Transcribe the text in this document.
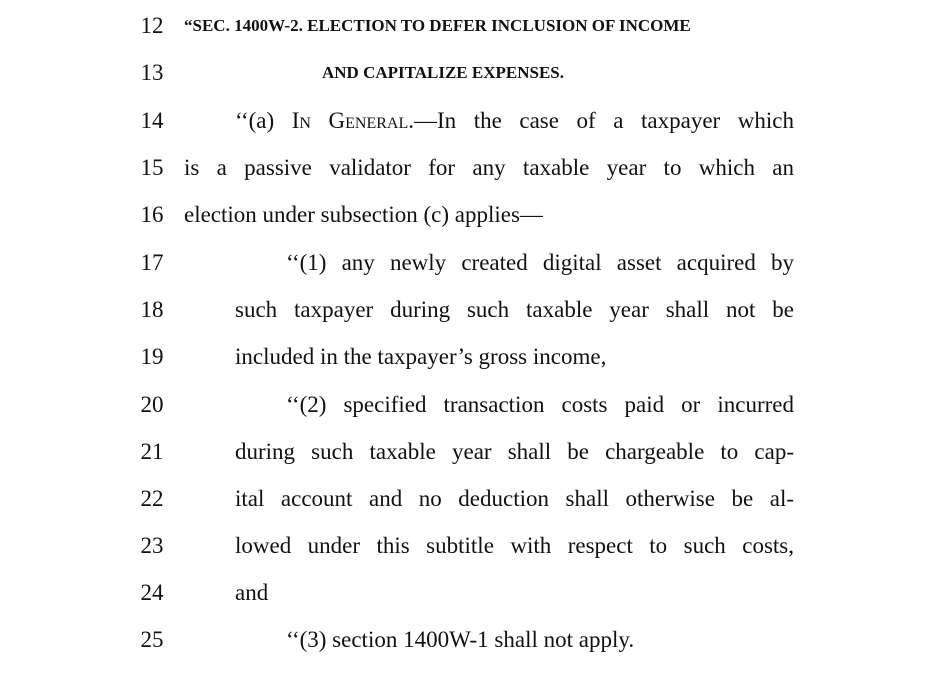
12	“SEC. 1400W-2. ELECTION TO DEFER INCLUSION OF INCOME
13	AND CAPITALIZE EXPENSES.
14	‘‘(a) In General.—In the case of a taxpayer which
15 is a passive validator for any taxable year to which an
16 election under subsection (c) applies—
17	‘‘(1) any newly created digital asset acquired by
18	such taxpayer during such taxable year shall not be
19	included in the taxpayer’s gross income,
20	‘‘(2) specified transaction costs paid or incurred
21	during such taxable year shall be chargeable to cap-
22	ital account and no deduction shall otherwise be al-
23	lowed under this subtitle with respect to such costs,
24	and
25	‘‘(3) section 1400W-1 shall not apply.
